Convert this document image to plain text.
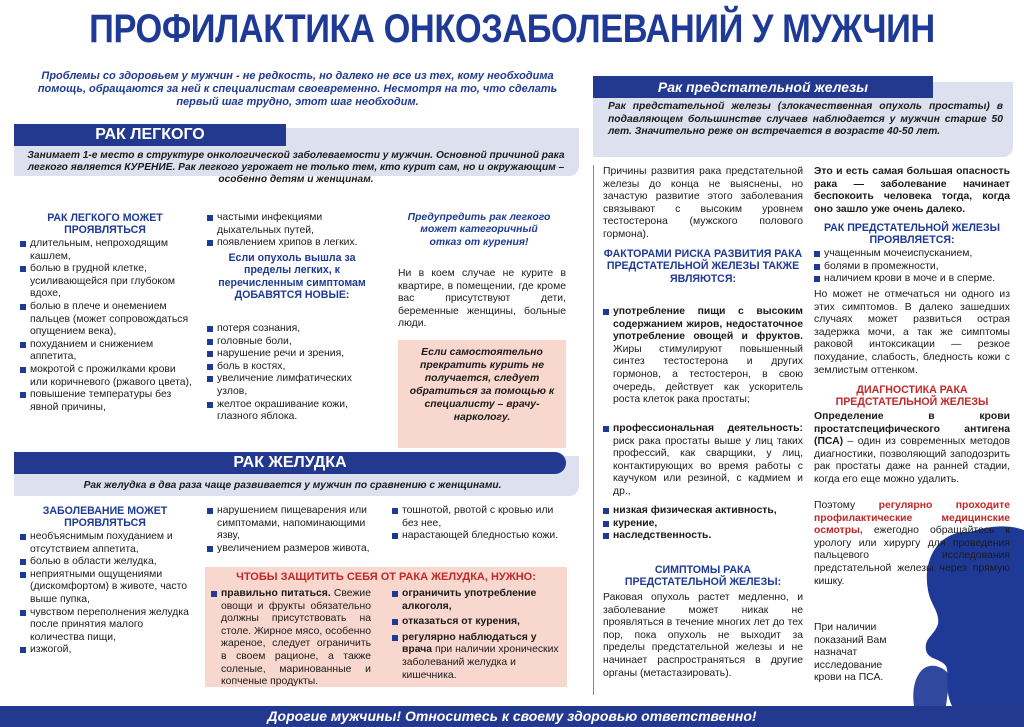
ПРОФИЛАКТИКА ОНКОЗАБОЛЕВАНИЙ У МУЖЧИН
Проблемы со здоровьем у мужчин - не редкость, но далеко не все из тех, кому необходима помощь, обращаются за ней к специалистам своевременно. Несмотря на то, что сделать первый шаг трудно, этот шаг необходим.
РАК ЛЕГКОГО
Занимает 1-е место в структуре онкологической заболеваемости у мужчин. Основной причиной рака легкого является КУРЕНИЕ. Рак легкого угрожает не только тем, кто курит сам, но и окружающим – особенно детям и женщинам.
РАК ЛЕГКОГО МОЖЕТ ПРОЯВЛЯТЬСЯ
длительным, непроходящим кашлем,
болью в грудной клетке, усиливающейся при глубоком вдохе,
болью в плече и онемением пальцев (может сопровождаться опущением века),
похуданием и снижением аппетита,
мокротой с прожилками крови или коричневого (ржавого цвета),
повышение температуры без явной причины,
частыми инфекциями дыхательных путей,
появлением хрипов в легких.
Если опухоль вышла за пределы легких, к перечисленным симптомам ДОБАВЯТСЯ НОВЫЕ:
потеря сознания,
головные боли,
нарушение речи и зрения,
боль в костях,
увеличение лимфатических узлов,
желтое окрашивание кожи, глазного яблока.
Предупредить рак легкого может категоричный отказ от курения!
Ни в коем случае не курите в квартире, в помещении, где кроме вас присутствуют дети, беременные женщины, больные люди.
Если самостоятельно прекратить курить не получается, следует обратиться за помощью к специалисту – врачу-наркологу.
РАК ЖЕЛУДКА
Рак желудка в два раза чаще развивается у мужчин по сравнению с женщинами.
ЗАБОЛЕВАНИЕ МОЖЕТ ПРОЯВЛЯТЬСЯ
необъяснимым похуданием и отсутствием аппетита,
болью в области желудка,
неприятными ощущениями (дискомфортом) в животе, часто выше пупка,
чувством переполнения желудка после принятия малого количества пищи,
изжогой,
нарушением пищеварения или симптомами, напоминающими язву,
увеличением размеров живота,
тошнотой, рвотой с кровью или без нее,
нарастающей бледностью кожи.
ЧТОБЫ ЗАЩИТИТЬ СЕБЯ ОТ РАКА ЖЕЛУДКА, НУЖНО:
правильно питаться. Свежие овощи и фрукты обязательно должны присутствовать на столе. Жирное мясо, особенно жареное, следует ограничить в своем рационе, а также соленые, маринованные и копченые продукты.
ограничить употребление алкоголя,
отказаться от курения,
регулярно наблюдаться у врача при наличии хронических заболеваний желудка и кишечника.
Рак предстательной железы
Рак предстательной железы (злокачественная опухоль простаты) в подавляющем большинстве случаев наблюдается у мужчин старше 50 лет. Значительно реже он встречается в возрасте 40-50 лет.
Причины развития рака предстательной железы до конца не выяснены, но зачастую развитие этого заболевания связывают с высоким уровнем тестостерона (мужского полового гормона).
ФАКТОРАМИ РИСКА РАЗВИТИЯ РАКА ПРЕДСТАТЕЛЬНОЙ ЖЕЛЕЗЫ ТАКЖЕ ЯВЛЯЮТСЯ:
употребление пищи с высоким содержанием жиров, недостаточное употребление овощей и фруктов. Жиры стимулируют повышенный синтез тестостерона и других гормонов, а тестостерон, в свою очередь, действует как ускоритель роста клеток рака простаты;
профессиональная деятельность: риск рака простаты выше у лиц таких профессий, как сварщики, у лиц, контактирующих во время работы с каучуком или резиной, с кадмием и др.,
низкая физическая активность,
курение,
наследственность.
СИМПТОМЫ РАКА ПРЕДСТАТЕЛЬНОЙ ЖЕЛЕЗЫ:
Раковая опухоль растет медленно, и заболевание может никак не проявляться в течение многих лет до тех пор, пока опухоль не выходит за пределы предстательной железы и не начинает распространяться в другие органы (метастазировать).
Это и есть самая большая опасность рака — заболевание начинает беспокоить человека тогда, когда оно зашло уже очень далеко.
РАК ПРЕДСТАТЕЛЬНОЙ ЖЕЛЕЗЫ ПРОЯВЛЯЕТСЯ:
учащенным мочеиспусканием,
болями в промежности,
наличием крови в моче и в сперме.
Но может не отмечаться ни одного из этих симптомов. В далеко зашедших случаях может развиться острая задержка мочи, а так же симптомы раковой интоксикации — резкое похудание, слабость, бледность кожи с землистым оттенком.
ДИАГНОСТИКА РАКА ПРЕДСТАТЕЛЬНОЙ ЖЕЛЕЗЫ
Определение в крови простатспецифического антигена (ПСА) – один из современных методов диагностики, позволяющий заподозрить рак простаты даже на ранней стадии, когда его еще можно удалить.
Поэтому регулярно проходите профилактические медицинские осмотры, ежегодно обращайтесь к урологу или хирургу для проведения пальцевого исследования предстательной железы через прямую кишку.
При наличии показаний Вам назначат исследование крови на ПСА.
Дорогие мужчины! Относитесь к своему здоровью ответственно!
